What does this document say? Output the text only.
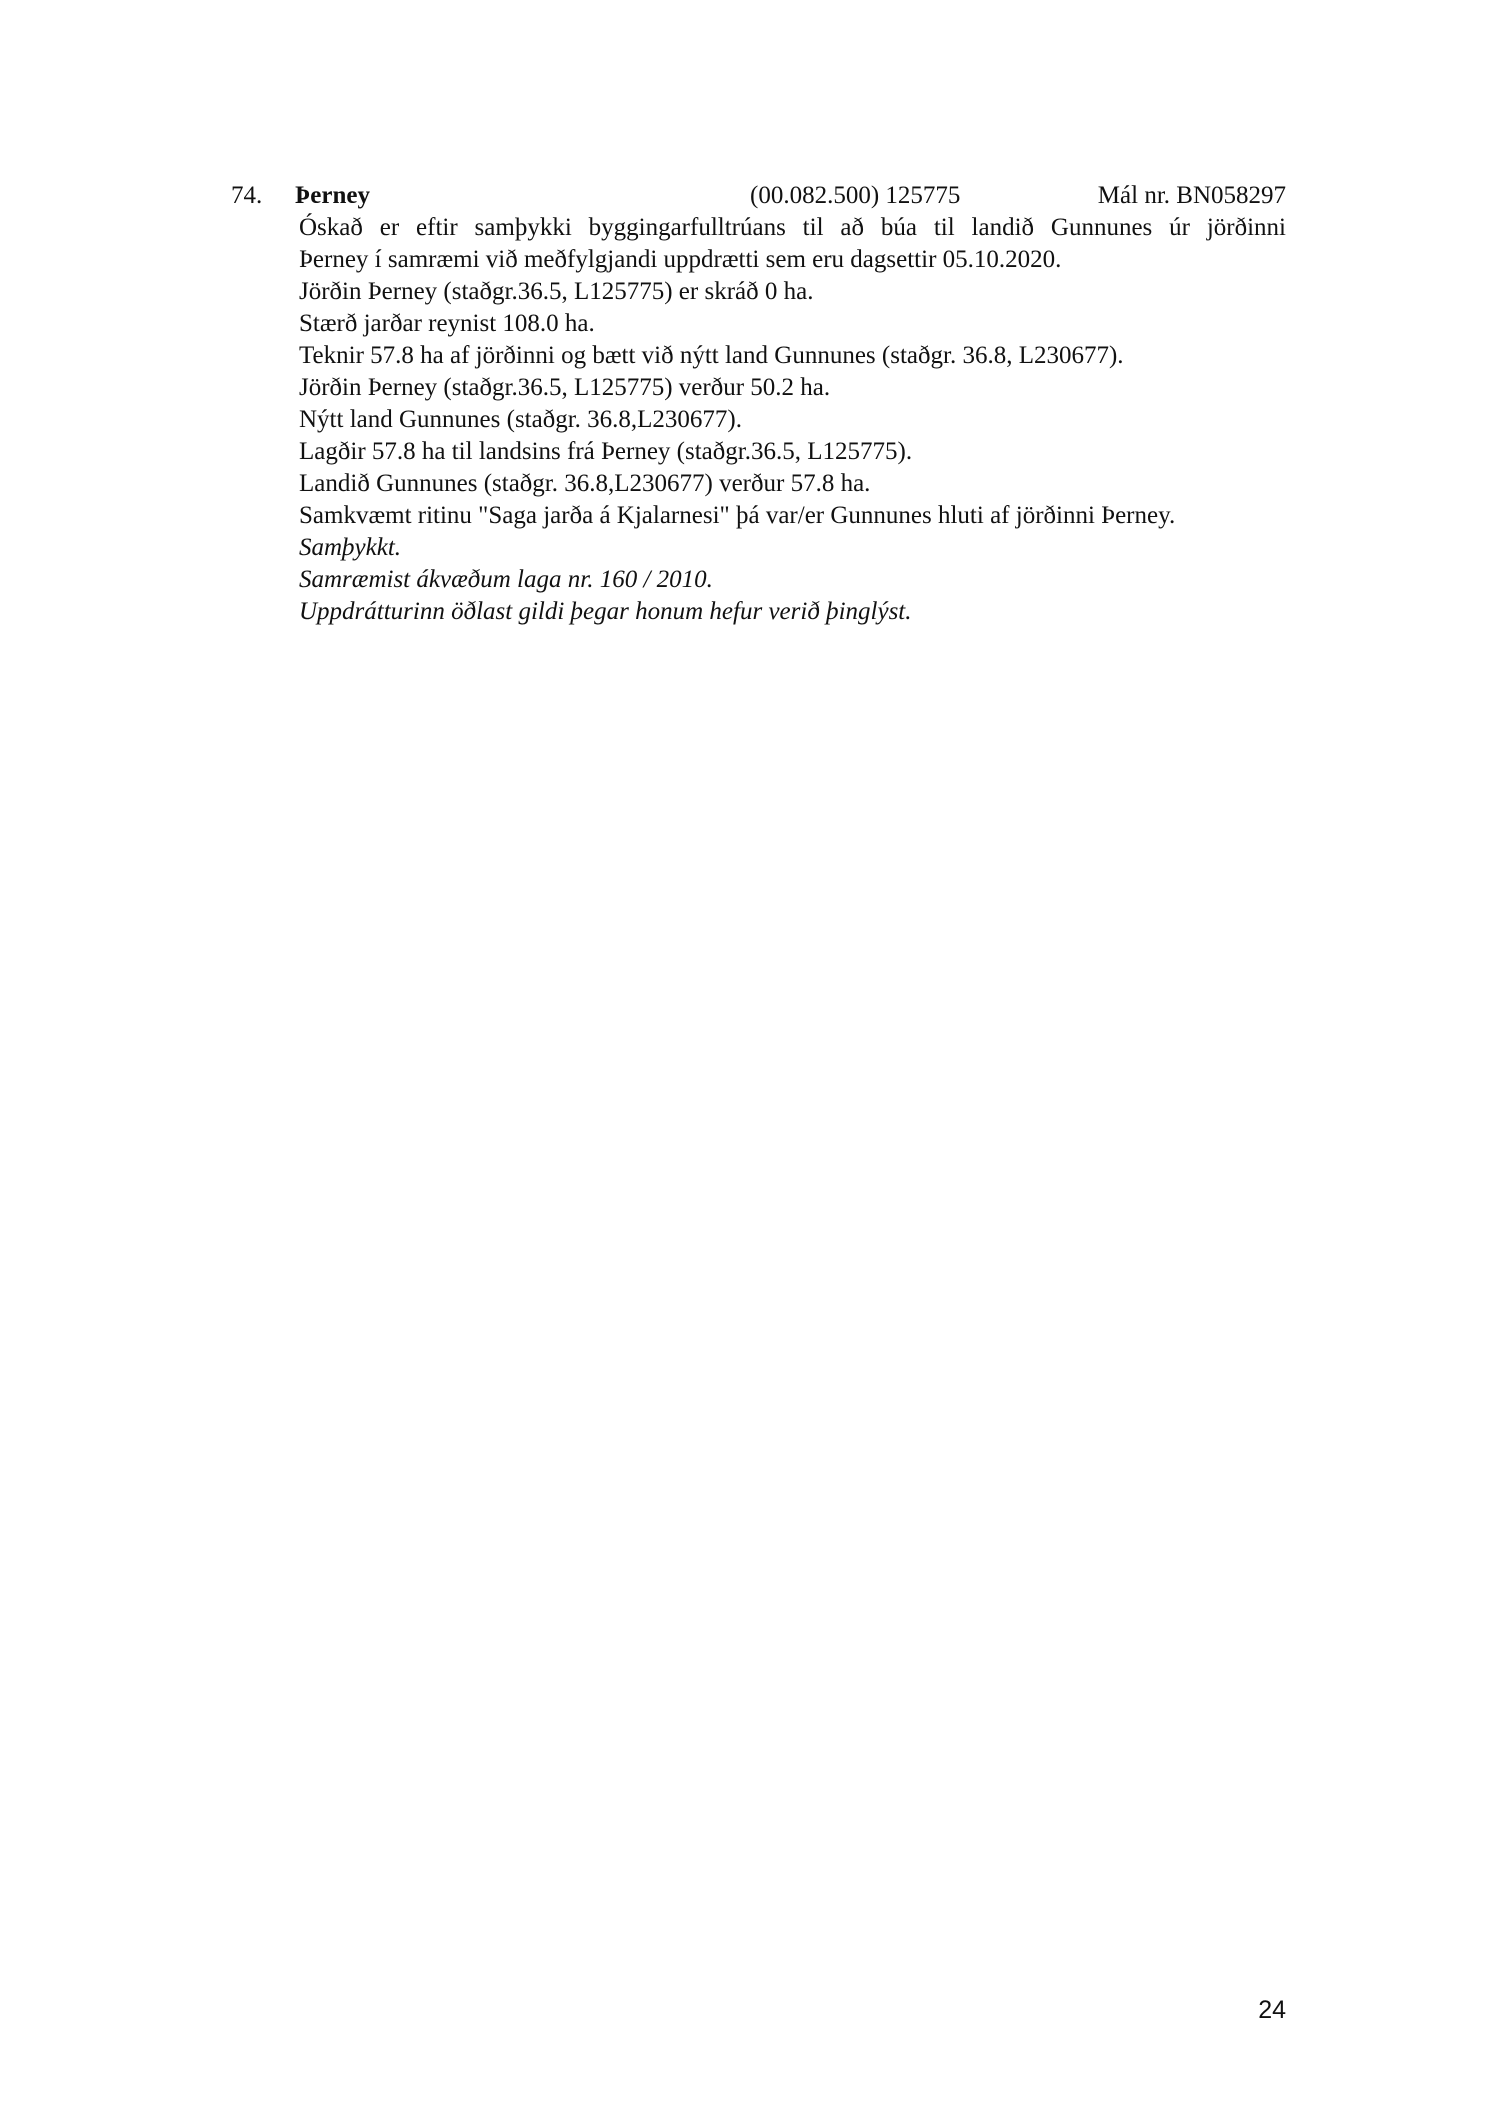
74. Þerney	(00.082.500) 125775	Mál nr. BN058297
Óskað er eftir samþykki byggingarfulltrúans til að búa til landið Gunnunes úr jörðinni
Þerney í samræmi við meðfylgjandi uppdrætti sem eru dagsettir 05.10.2020.
Jörðin Þerney (staðgr.36.5, L125775) er skráð 0 ha.
Stærð jarðar reynist 108.0 ha.
Teknir 57.8 ha af jörðinni og bætt við nýtt land Gunnunes (staðgr. 36.8, L230677).
Jörðin Þerney (staðgr.36.5, L125775) verður 50.2 ha.
Nýtt land Gunnunes (staðgr. 36.8,L230677).
Lagðir 57.8 ha til landsins frá Þerney (staðgr.36.5, L125775).
Landið Gunnunes (staðgr. 36.8,L230677) verður 57.8 ha.
Samkvæmt ritinu "Saga jarða á Kjalarnesi" þá var/er Gunnunes hluti af jörðinni Þerney.
Samþykkt.
Samræmist ákvæðum laga nr. 160 / 2010.
Uppdrátturinn öðlast gildi þegar honum hefur verið þinglýst.
24
